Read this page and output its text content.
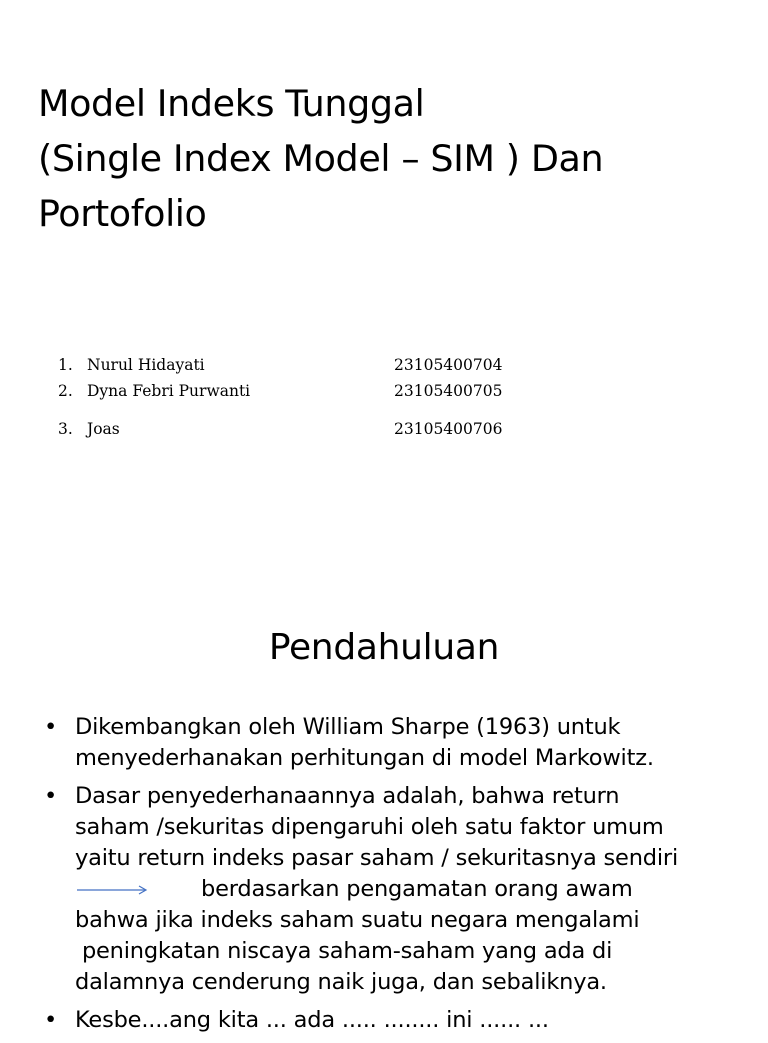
Model Indeks Tunggal
(Single Index Model – SIM ) Dan
Portofolio
1. Nurul Hidayati	23105400704
2. Dyna Febri Purwanti	23105400705
3. Joas	23105400706
Pendahuluan
• Dikembangkan oleh William Sharpe (1963) untuk
menyederhanakan perhitungan di model Markowitz.
• Dasar penyederhanaannya adalah, bahwa return
saham /sekuritas dipengaruhi oleh satu faktor umum
yaitu return indeks pasar saham / sekuritasnya sendiri
berdasarkan pengamatan orang awam
bahwa jika indeks saham suatu negara mengalami
peningkatan niscaya saham-saham yang ada di
dalamnya cenderung naik juga, dan sebaliknya.
• Kesbe....ang kita ... ada ..... ........ ini ...... ...
